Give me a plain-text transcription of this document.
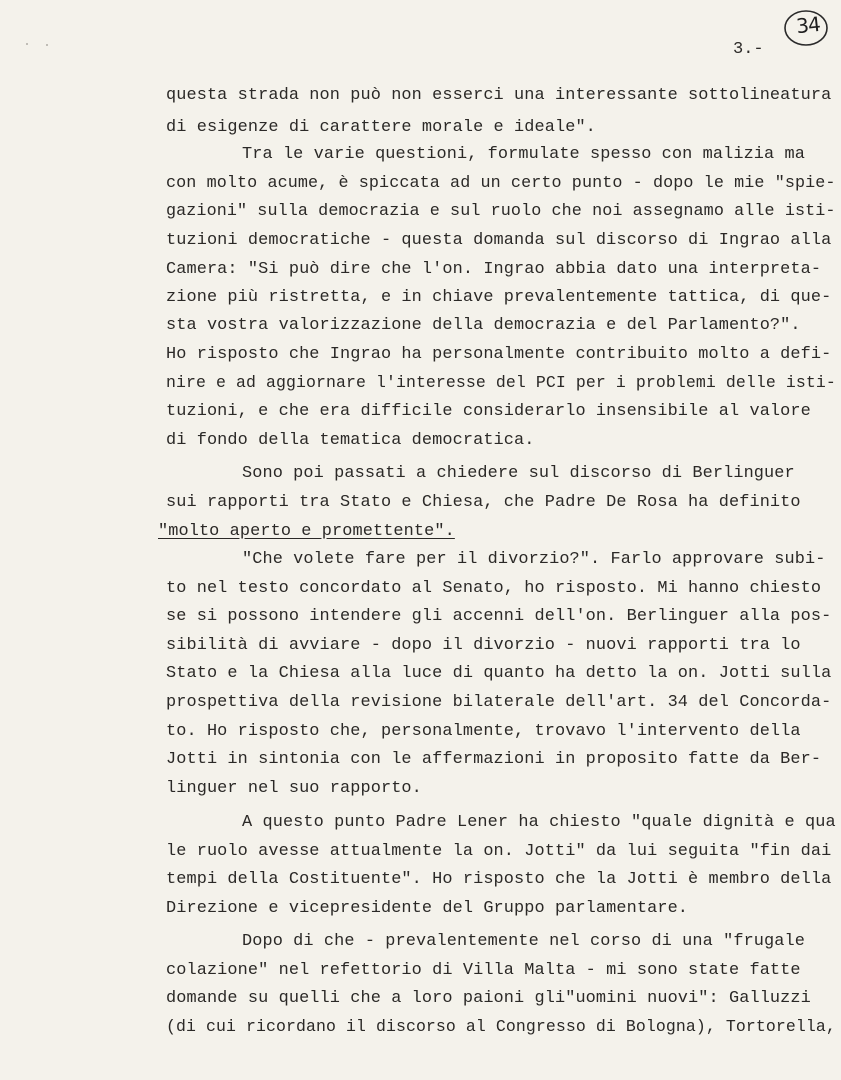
3.-

34

questa strada non può non esserci una interessante sottolineatura

di esigenze di carattere morale e ideale".

Tra le varie questioni, formulate spesso con malizia ma

con molto acume, è spiccata ad un certo punto - dopo le mie "spie-

gazioni" sulla democrazia e sul ruolo che noi assegnamo alle isti-

tuzioni democratiche - questa domanda sul discorso di Ingrao alla

Camera: "Si può dire che l'on. Ingrao abbia dato una interpreta-

zione più ristretta, e in chiave prevalentemente tattica, di que-

sta vostra valorizzazione della democrazia e del Parlamento?".

Ho risposto che Ingrao ha personalmente contribuito molto a defi-

nire e ad aggiornare l'interesse del PCI per i problemi delle isti-

tuzioni, e che era difficile considerarlo insensibile al valore

di fondo della tematica democratica.

Sono poi passati a chiedere sul discorso di Berlinguer

sui rapporti tra Stato e Chiesa, che Padre De Rosa ha definito

"molto aperto e promettente".

"Che volete fare per il divorzio?". Farlo approvare subi-

to nel testo concordato al Senato, ho risposto. Mi hanno chiesto

se si possono intendere gli accenni dell'on. Berlinguer alla pos-

sibilità di avviare - dopo il divorzio - nuovi rapporti tra lo

Stato e la Chiesa alla luce di quanto ha detto la on. Jotti sulla

prospettiva della revisione bilaterale dell'art. 34 del Concorda-

to. Ho risposto che, personalmente, trovavo l'intervento della

Jotti in sintonia con le affermazioni in proposito fatte da Ber-

linguer nel suo rapporto.

A questo punto Padre Lener ha chiesto "quale dignità e qua

le ruolo avesse attualmente la on. Jotti" da lui seguita "fin dai

tempi della Costituente". Ho risposto che la Jotti è membro della

Direzione e vicepresidente del Gruppo parlamentare.

Dopo di che - prevalentemente nel corso di una "frugale

colazione" nel refettorio di Villa Malta - mi sono state fatte

domande su quelli che a loro paioni gli"uomini nuovi": Galluzzi

(di cui ricordano il discorso al Congresso di Bologna), Tortorella,
